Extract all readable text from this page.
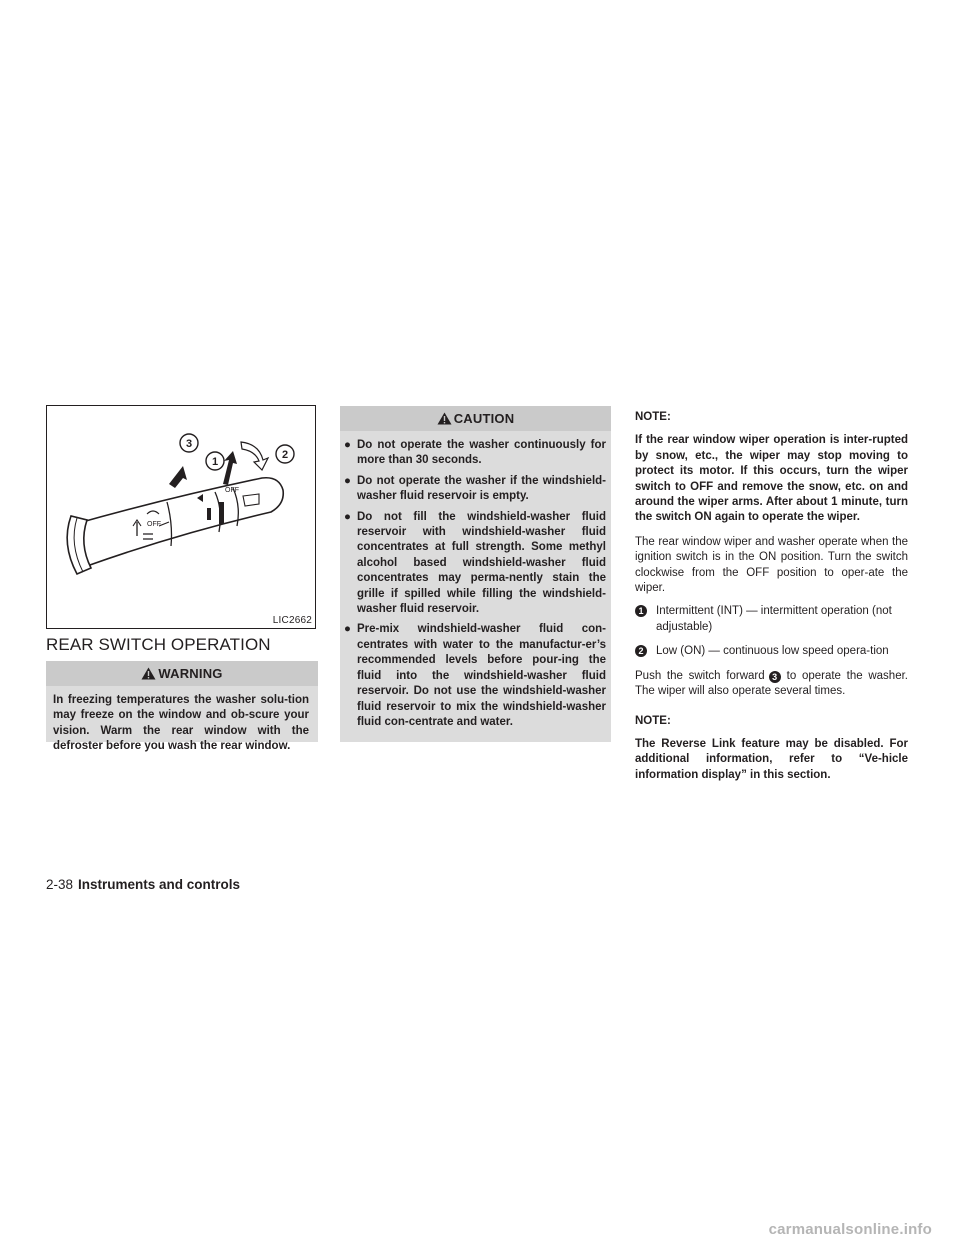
OFF
OFF
3
1
2
LIC2662
REAR SWITCH OPERATION
WARNING
In freezing temperatures the washer solu-tion may freeze on the window and ob-scure your vision. Warm the rear window with the defroster before you wash the rear window.
CAUTION
● Do not operate the washer continuously for more than 30 seconds.
● Do not operate the washer if the windshield-washer fluid reservoir is empty.
● Do not fill the windshield-washer fluid reservoir with windshield-washer fluid concentrates at full strength. Some methyl alcohol based windshield-washer fluid concentrates may perma-nently stain the grille if spilled while filling the windshield-washer fluid reservoir.
● Pre-mix windshield-washer fluid con-centrates with water to the manufactur-er’s recommended levels before pour-ing the fluid into the windshield-washer fluid reservoir. Do not use the windshield-washer fluid reservoir to mix the windshield-washer fluid con-centrate and water.
NOTE:
If the rear window wiper operation is inter-rupted by snow, etc., the wiper may stop moving to protect its motor. If this occurs, turn the wiper switch to OFF and remove the snow, etc. on and around the wiper arms. After about 1 minute, turn the switch ON again to operate the wiper.
The rear window wiper and washer operate when the ignition switch is in the ON position. Turn the switch clockwise from the OFF position to oper-ate the wiper.
1	Intermittent (INT) — intermittent operation (not adjustable)
2	Low (ON) — continuous low speed opera-tion
Push the switch forward 3 to operate the washer. The wiper will also operate several times.
NOTE:
The Reverse Link feature may be disabled. For additional information, refer to “Ve-hicle information display” in this section.
2-38 Instruments and controls
carmanualsonline.info
